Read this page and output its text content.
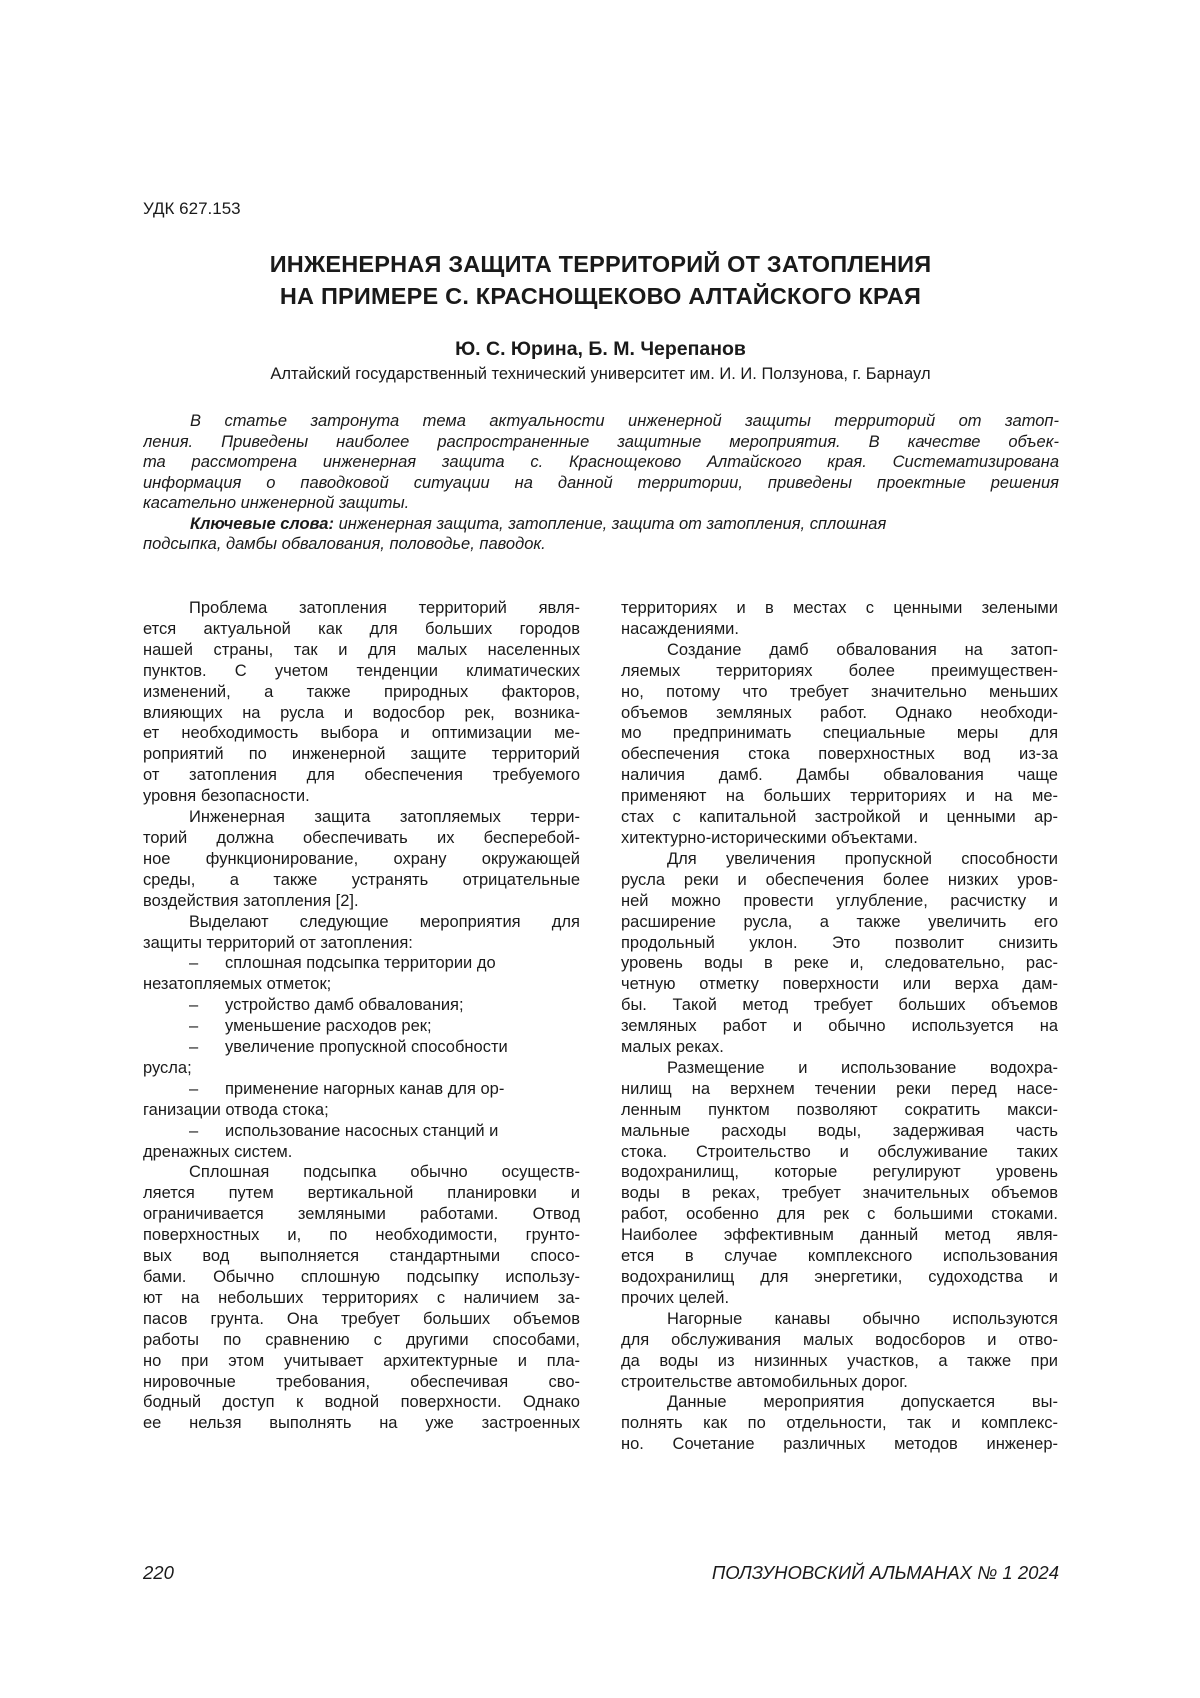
УДК 627.153
ИНЖЕНЕРНАЯ ЗАЩИТА ТЕРРИТОРИЙ ОТ ЗАТОПЛЕНИЯ
НА ПРИМЕРЕ С. КРАСНОЩЕКОВО АЛТАЙСКОГО КРАЯ
Ю. С. Юрина, Б. М. Черепанов
Алтайский государственный технический университет им. И. И. Ползунова, г. Барнаул
В статье затронута тема актуальности инженерной защиты территорий от затоп-
ления. Приведены наиболее распространенные защитные мероприятия. В качестве объек-
та рассмотрена инженерная защита с. Краснощеково Алтайского края. Систематизирована
информация о паводковой ситуации на данной территории, приведены проектные решения
касательно инженерной защиты.
Ключевые слова: инженерная защита, затопление, защита от затопления, сплошная
подсыпка, дамбы обвалования, половодье, паводок.
Проблема затопления территорий явля-
ется актуальной как для больших городов
нашей страны, так и для малых населенных
пунктов. С учетом тенденции климатических
изменений, а также природных факторов,
влияющих на русла и водосбор рек, возника-
ет необходимость выбора и оптимизации ме-
роприятий по инженерной защите территорий
от затопления для обеспечения требуемого
уровня безопасности.
Инженерная защита затопляемых терри-
торий должна обеспечивать их бесперебой-
ное функционирование, охрану окружающей
среды, а также устранять отрицательные
воздействия затопления [2].
Выделают следующие мероприятия для
защиты территорий от затопления:
– сплошная подсыпка территории до
незатопляемых отметок;
– устройство дамб обвалования;
– уменьшение расходов рек;
– увеличение пропускной способности
русла;
– применение нагорных канав для ор-
ганизации отвода стока;
– использование насосных станций и
дренажных систем.
Сплошная подсыпка обычно осуществ-
ляется путем вертикальной планировки и
ограничивается земляными работами. Отвод
поверхностных и, по необходимости, грунто-
вых вод выполняется стандартными спосо-
бами. Обычно сплошную подсыпку использу-
ют на небольших территориях с наличием за-
пасов грунта. Она требует больших объемов
работы по сравнению с другими способами,
но при этом учитывает архитектурные и пла-
нировочные требования, обеспечивая сво-
бодный доступ к водной поверхности. Однако
ее нельзя выполнять на уже застроенных
территориях и в местах с ценными зелеными
насаждениями.
Создание дамб обвалования на затоп-
ляемых территориях более преимуществен-
но, потому что требует значительно меньших
объемов земляных работ. Однако необходи-
мо предпринимать специальные меры для
обеспечения стока поверхностных вод из-за
наличия дамб. Дамбы обвалования чаще
применяют на больших территориях и на ме-
стах с капитальной застройкой и ценными ар-
хитектурно-историческими объектами.
Для увеличения пропускной способности
русла реки и обеспечения более низких уров-
ней можно провести углубление, расчистку и
расширение русла, а также увеличить его
продольный уклон. Это позволит снизить
уровень воды в реке и, следовательно, рас-
четную отметку поверхности или верха дам-
бы. Такой метод требует больших объемов
земляных работ и обычно используется на
малых реках.
Размещение и использование водохра-
нилищ на верхнем течении реки перед насе-
ленным пунктом позволяют сократить макси-
мальные расходы воды, задерживая часть
стока. Строительство и обслуживание таких
водохранилищ, которые регулируют уровень
воды в реках, требует значительных объемов
работ, особенно для рек с большими стоками.
Наиболее эффективным данный метод явля-
ется в случае комплексного использования
водохранилищ для энергетики, судоходства и
прочих целей.
Нагорные канавы обычно используются
для обслуживания малых водосборов и отво-
да воды из низинных участков, а также при
строительстве автомобильных дорог.
Данные мероприятия допускается вы-
полнять как по отдельности, так и комплекс-
но. Сочетание различных методов инженер-
220	ПОЛЗУНОВСКИЙ АЛЬМАНАХ № 1 2024
